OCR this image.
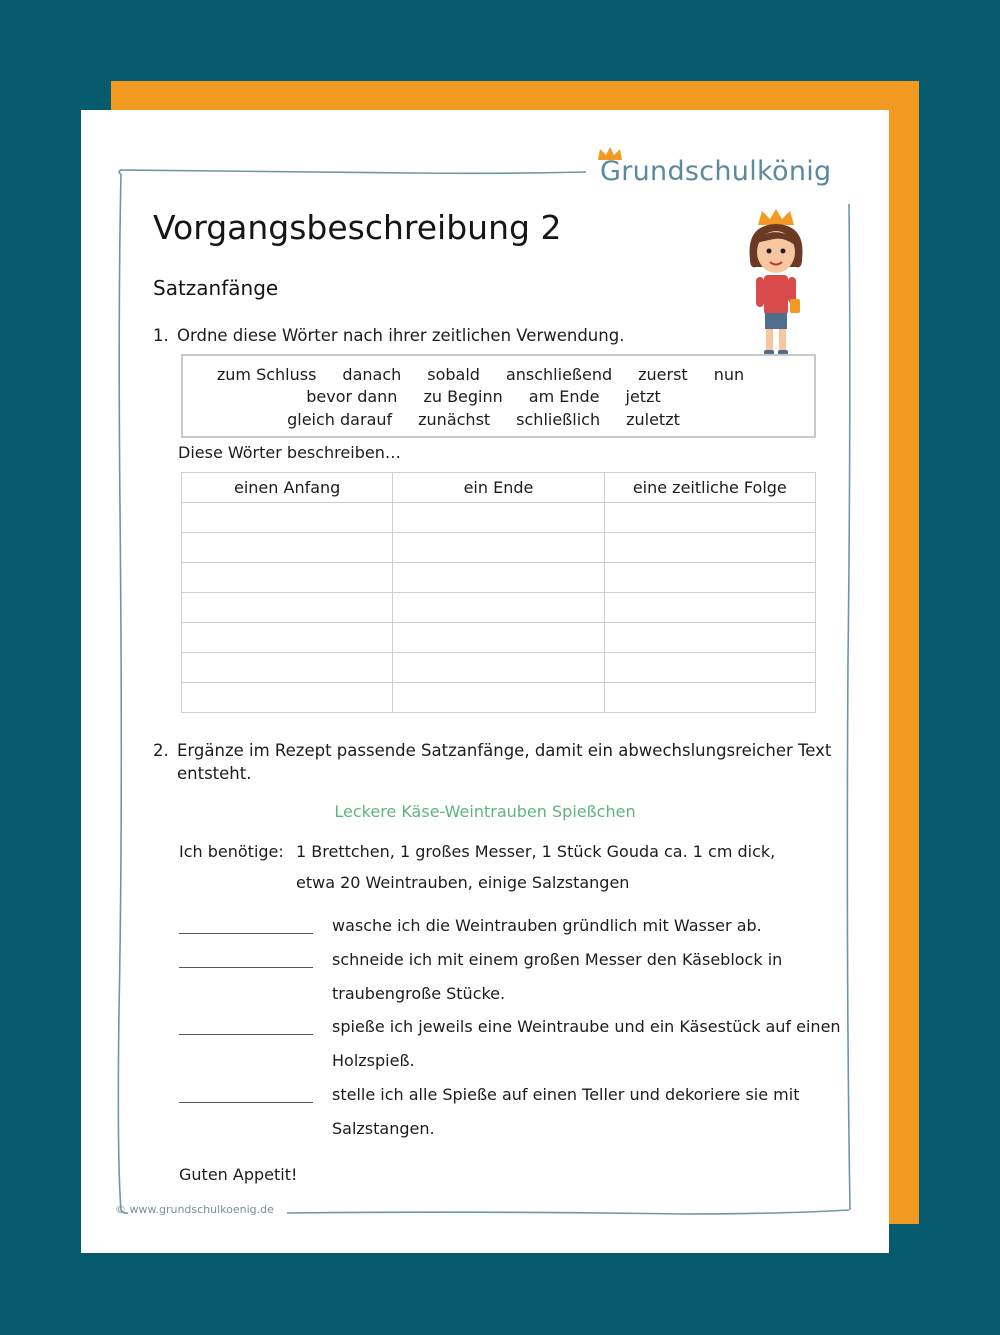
Grundschulkönig
Vorgangsbeschreibung 2
Satzanfänge
1. Ordne diese Wörter nach ihrer zeitlichen Verwendung.
zum Schluss danach sobald anschließend zuerst nun
bevor dann zu Beginn am Ende jetzt
gleich darauf zunächst schließlich zuletzt
Diese Wörter beschreiben…
einen Anfang	ein Ende	eine zeitliche Folge

2. Ergänze im Rezept passende Satzanfänge, damit ein abwechslungsreicher Text
entsteht.
Leckere Käse-Weintrauben Spießchen
Ich benötige: 1 Brettchen, 1 großes Messer, 1 Stück Gouda ca. 1 cm dick,
etwa 20 Weintrauben, einige Salzstangen
wasche ich die Weintrauben gründlich mit Wasser ab.
schneide ich mit einem großen Messer den Käseblock in
traubengroße Stücke.
spieße ich jeweils eine Weintraube und ein Käsestück auf einen
Holzspieß.
stelle ich alle Spieße auf einen Teller und dekoriere sie mit
Salzstangen.
Guten Appetit!
© www.grundschulkoenig.de
